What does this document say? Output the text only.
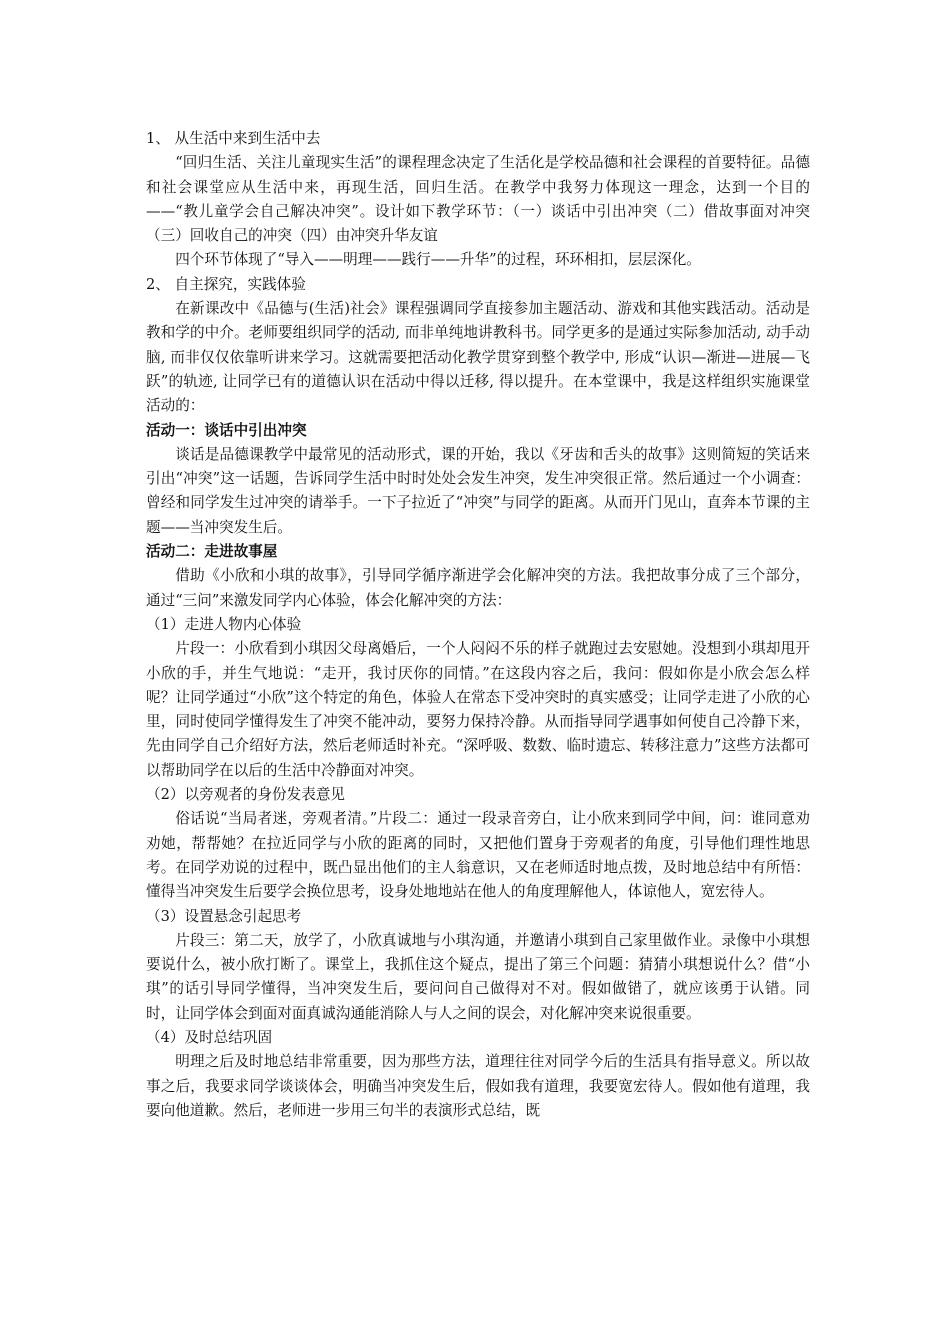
1、 从生活中来到生活中去

“回归生活、关注儿童现实生活”的课程理念决定了生活化是学校品德和社会课程的首要特征。品德和社会课堂应从生活中来，再现生活，回归生活。在教学中我努力体现这一理念，达到一个目的——“教儿童学会自己解决冲突”。设计如下教学环节：（一）谈话中引出冲突（二）借故事面对冲突（三）回收自己的冲突（四）由冲突升华友谊

四个环节体现了“导入——明理——践行——升华”的过程，环环相扣，层层深化。

2、 自主探究，实践体验

在新课改中《品德与(生活)社会》课程强调同学直接参加主题活动、游戏和其他实践活动。活动是教和学的中介。老师要组织同学的活动, 而非单纯地讲教科书。同学更多的是通过实际参加活动, 动手动脑, 而非仅仅依靠听讲来学习。这就需要把活动化教学贯穿到整个教学中, 形成“认识—渐进—进展—飞跃”的轨迹, 让同学已有的道德认识在活动中得以迁移, 得以提升。在本堂课中，我是这样组织实施课堂活动的：

活动一：谈话中引出冲突

谈话是品德课教学中最常见的活动形式，课的开始，我以《牙齿和舌头的故事》这则简短的笑话来引出“冲突”这一话题，告诉同学生活中时时处处会发生冲突，发生冲突很正常。然后通过一个小调查：曾经和同学发生过冲突的请举手。一下子拉近了“冲突”与同学的距离。从而开门见山，直奔本节课的主题——当冲突发生后。

活动二：走进故事屋

借助《小欣和小琪的故事》，引导同学循序渐进学会化解冲突的方法。我把故事分成了三个部分，通过“三问”来激发同学内心体验，体会化解冲突的方法：

（1）走进人物内心体验

片段一：小欣看到小琪因父母离婚后，一个人闷闷不乐的样子就跑过去安慰她。没想到小琪却甩开小欣的手，并生气地说：“走开，我讨厌你的同情。”在这段内容之后，我问：假如你是小欣会怎么样呢？让同学通过“小欣”这个特定的角色，体验人在常态下受冲突时的真实感受；让同学走进了小欣的心里，同时使同学懂得发生了冲突不能冲动，要努力保持冷静。从而指导同学遇事如何使自己冷静下来，先由同学自己介绍好方法，然后老师适时补充。“深呼吸、数数、临时遗忘、转移注意力”这些方法都可以帮助同学在以后的生活中冷静面对冲突。

（2）以旁观者的身份发表意见

俗话说“当局者迷，旁观者清。”片段二：通过一段录音旁白，让小欣来到同学中间，问：谁同意劝劝她，帮帮她？在拉近同学与小欣的距离的同时，又把他们置身于旁观者的角度，引导他们理性地思考。在同学劝说的过程中，既凸显出他们的主人翁意识，又在老师适时地点拨，及时地总结中有所悟：懂得当冲突发生后要学会换位思考，设身处地地站在他人的角度理解他人，体谅他人，宽宏待人。

（3）设置悬念引起思考

片段三：第二天，放学了，小欣真诚地与小琪沟通，并邀请小琪到自己家里做作业。录像中小琪想要说什么，被小欣打断了。课堂上，我抓住这个疑点，提出了第三个问题：猜猜小琪想说什么？借“小琪”的话引导同学懂得，当冲突发生后，要问问自己做得对不对。假如做错了，就应该勇于认错。同时，让同学体会到面对面真诚沟通能消除人与人之间的误会，对化解冲突来说很重要。

（4）及时总结巩固

明理之后及时地总结非常重要，因为那些方法，道理往往对同学今后的生活具有指导意义。所以故事之后，我要求同学谈谈体会，明确当冲突发生后，假如我有道理，我要宽宏待人。假如他有道理，我要向他道歉。然后，老师进一步用三句半的表演形式总结，既
